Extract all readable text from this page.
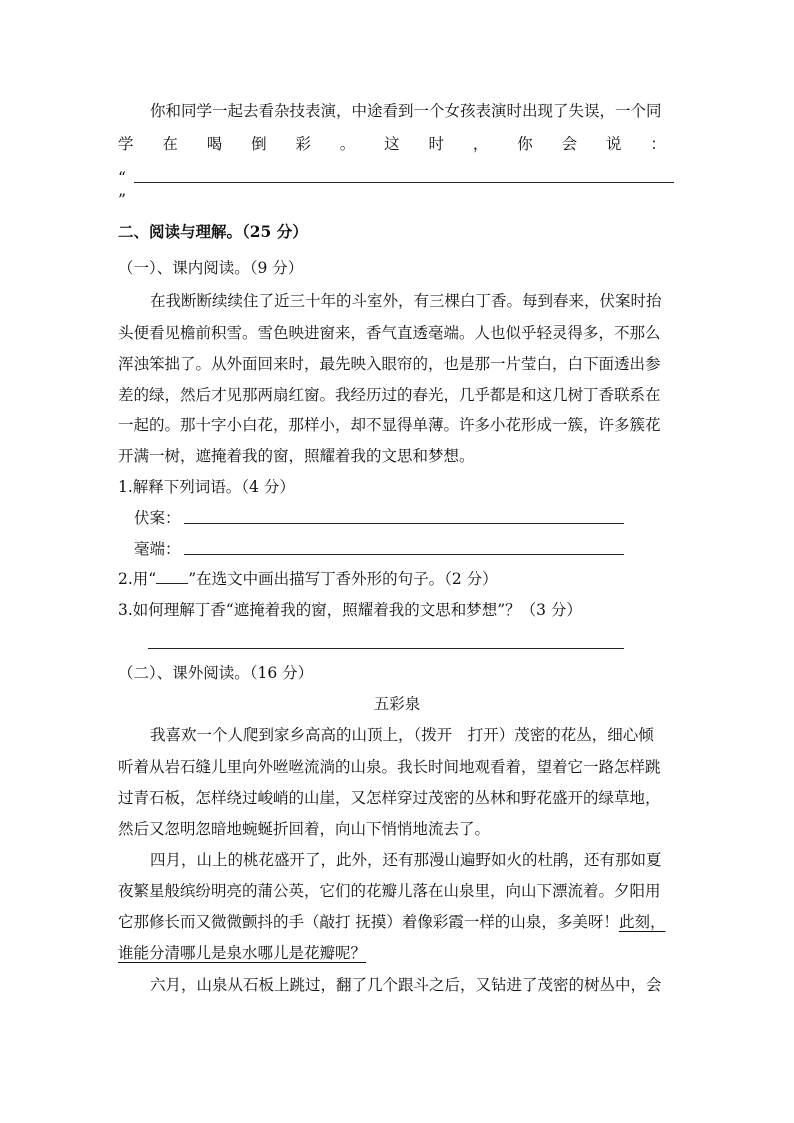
你和同学一起去看杂技表演，中途看到一个女孩表演时出现了失误，一个同
学 在 喝 倒 彩 。 这 时 ， 你 会 说 ：
“
”
二、阅读与理解。（25 分）
（一）、课内阅读。（9 分）
在我断断续续住了近三十年的斗室外，有三棵白丁香。每到春来，伏案时抬
头便看见檐前积雪。雪色映进窗来，香气直透毫端。人也似乎轻灵得多，不那么
浑浊笨拙了。从外面回来时，最先映入眼帘的，也是那一片莹白，白下面透出参
差的绿，然后才见那两扇红窗。我经历过的春光，几乎都是和这几树丁香联系在
一起的。那十字小白花，那样小，却不显得单薄。许多小花形成一簇，许多簇花
开满一树，遮掩着我的窗，照耀着我的文思和梦想。
1.解释下列词语。（4 分）
伏案：
毫端：
2.用“ ”在选文中画出描写丁香外形的句子。（2 分）
3.如何理解丁香“遮掩着我的窗，照耀着我的文思和梦想”？（3 分）
（二）、课外阅读。（16 分）
五彩泉
我喜欢一个人爬到家乡高高的山顶上，（拨开　打开）茂密的花丛，细心倾
听着从岩石缝儿里向外咝咝流淌的山泉。我长时间地观看着，望着它一路怎样跳
过青石板，怎样绕过峻峭的山崖，又怎样穿过茂密的丛林和野花盛开的绿草地，
然后又忽明忽暗地蜿蜒折回着，向山下悄悄地流去了。
四月，山上的桃花盛开了，此外，还有那漫山遍野如火的杜鹃，还有那如夏
夜繁星般缤纷明亮的蒲公英，它们的花瓣儿落在山泉里，向山下漂流着。夕阳用
它那修长而又微微颤抖的手（敲打 抚摸）着像彩霞一样的山泉，多美呀！此刻，
谁能分清哪儿是泉水哪儿是花瓣呢？
六月，山泉从石板上跳过，翻了几个跟斗之后，又钻进了茂密的树丛中，会
